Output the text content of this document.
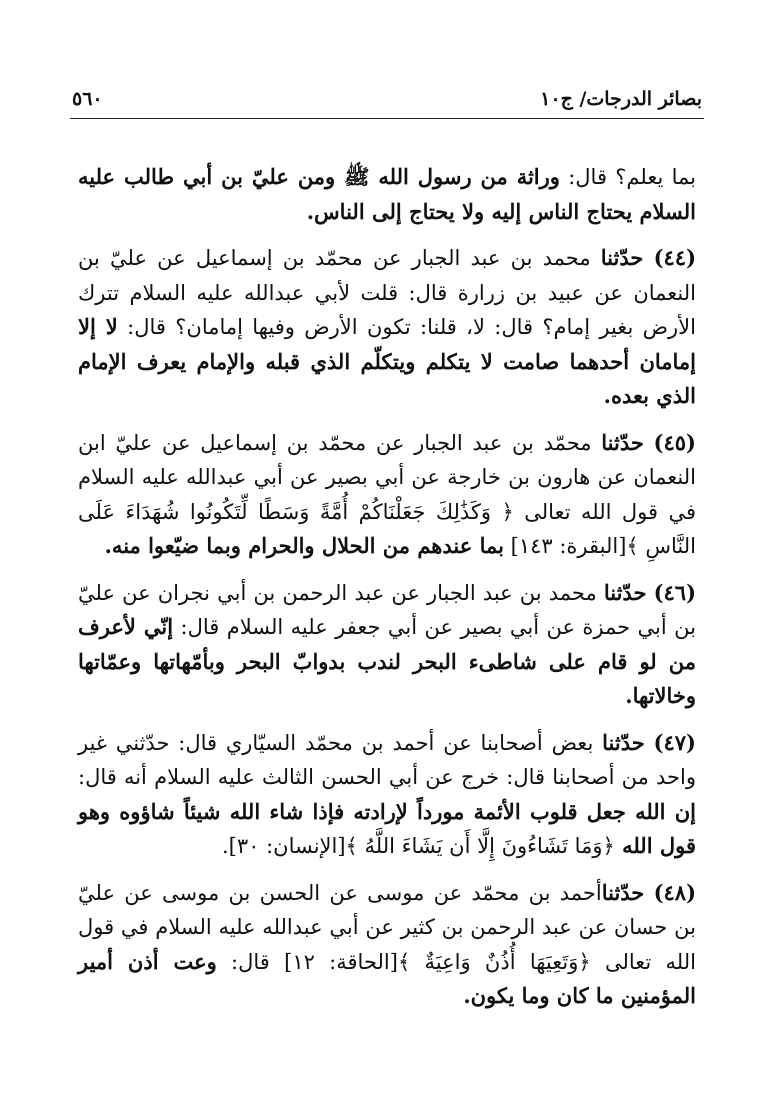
بصائر الدرجات/ ج١٠
٥٦٠

بما يعلم؟ قال: وراثة من رسول الله ﷺ ومن عليّ بن أبي طالب عليه السلام يحتاج الناس إليه ولا يحتاج إلى الناس.

(٤٤) حدّثنا محمد بن عبد الجبار عن محمّد بن إسماعيل عن عليّ بن النعمان عن عبيد بن زرارة قال: قلت لأبي عبدالله عليه السلام تترك الأرض بغير إمام؟ قال: لا، قلنا: تكون الأرض وفيها إمامان؟ قال: لا إلا إمامان أحدهما صامت لا يتكلم ويتكلّم الذي قبله والإمام يعرف الإمام الذي بعده.

(٤٥) حدّثنا محمّد بن عبد الجبار عن محمّد بن إسماعيل عن عليّ ابن النعمان عن هارون بن خارجة عن أبي بصير عن أبي عبدالله عليه السلام في قول الله تعالى ﴿ وَكَذَٰلِكَ جَعَلْنَاكُمْ أُمَّةً وَسَطًا لِّتَكُونُوا شُهَدَاءَ عَلَى النَّاسِ ﴾[البقرة: ١٤٣] بما عندهم من الحلال والحرام وبما ضيّعوا منه.

(٤٦) حدّثنا محمد بن عبد الجبار عن عبد الرحمن بن أبي نجران عن عليّ بن أبي حمزة عن أبي بصير عن أبي جعفر عليه السلام قال: إنّي لأعرف من لو قام على شاطىء البحر لندب بدوابّ البحر وبأمّهاتها وعمّاتها وخالاتها.

(٤٧) حدّثنا بعض أصحابنا عن أحمد بن محمّد السيّاري قال: حدّثني غير واحد من أصحابنا قال: خرج عن أبي الحسن الثالث عليه السلام أنه قال: إن الله جعل قلوب الأئمة مورداً لإرادته فإذا شاء الله شيئاً شاؤوه وهو قول الله ﴿وَمَا تَشَاءُونَ إِلَّا أَن يَشَاءَ اللَّهُ ﴾[الإنسان: ٣٠].

(٤٨) حدّثناأحمد بن محمّد عن موسى عن الحسن بن موسى عن عليّ بن حسان عن عبد الرحمن بن كثير عن أبي عبدالله عليه السلام في قول الله تعالى ﴿وَتَعِيَهَا أُذُنٌ وَاعِيَةٌ ﴾[الحاقة: ١٢] قال: وعت أذن أمير المؤمنين ما كان وما يكون.
